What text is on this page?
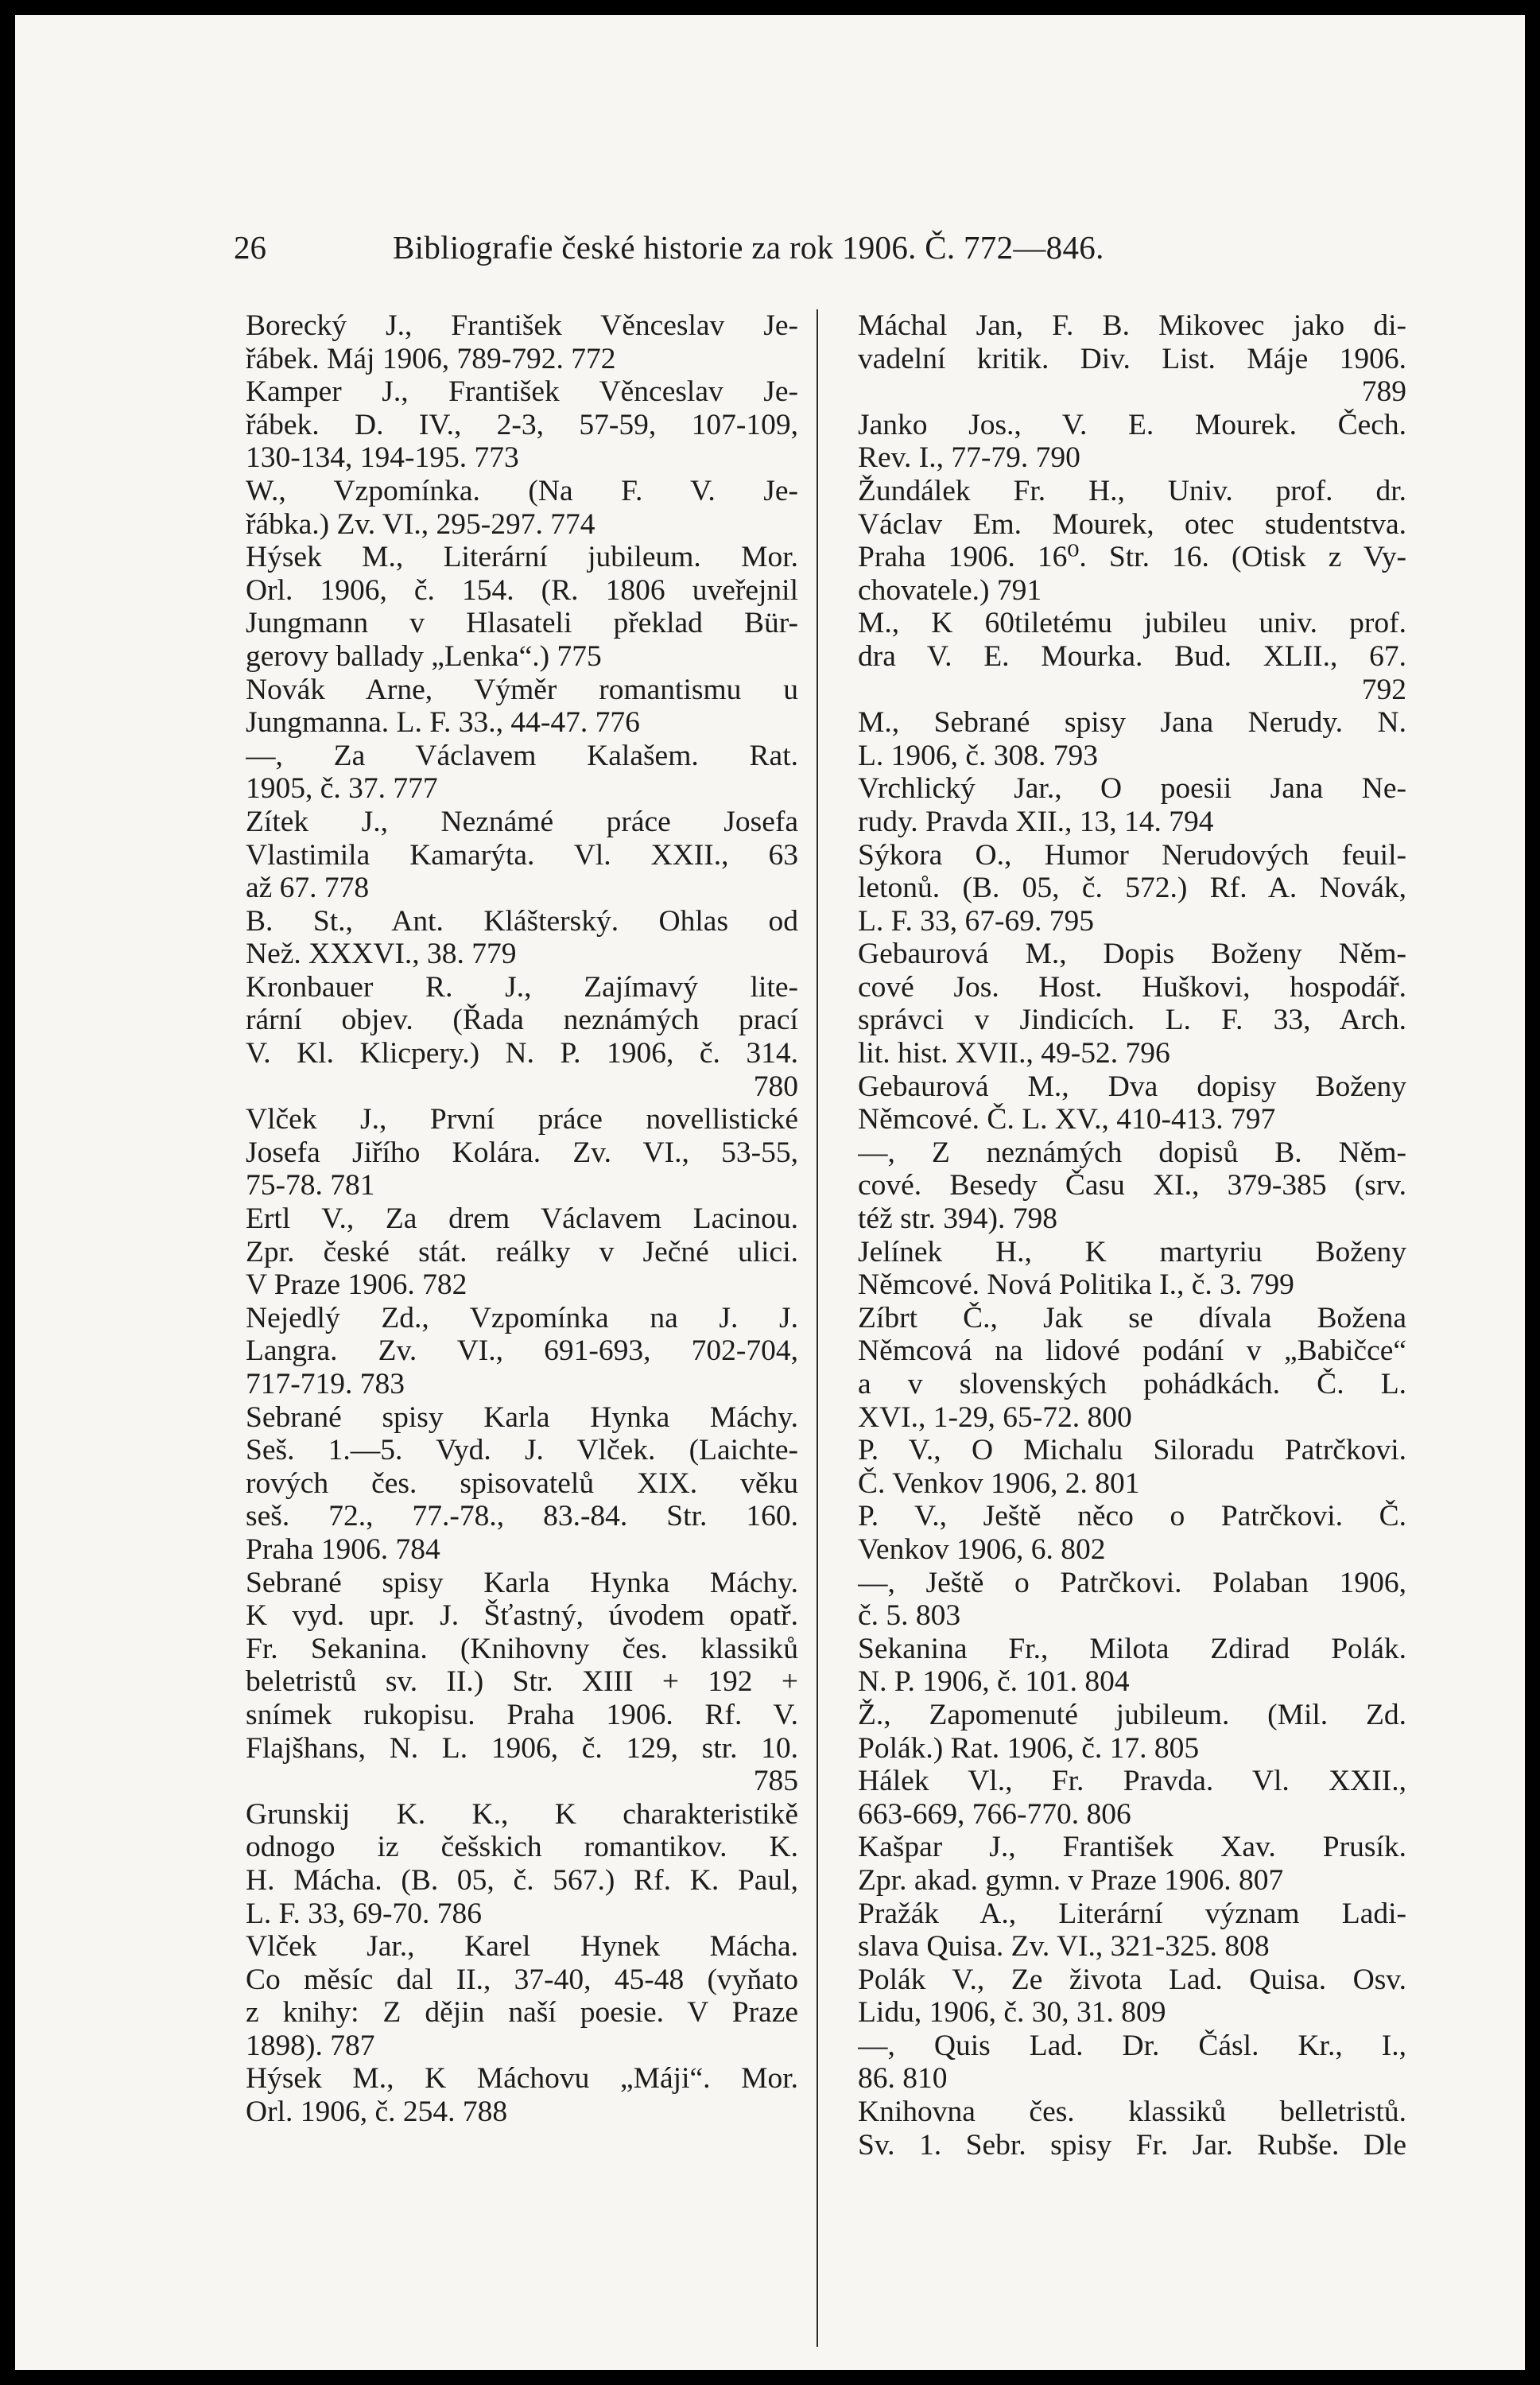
26	Bibliografie české historie za rok 1906. Č. 772—846.
Borecký J., František Věnceslav Je-
řábek. Máj 1906, 789-792. 772
Kamper J., František Věnceslav Je-
řábek. D. IV., 2-3, 57-59, 107-109,
130-134, 194-195. 773
W., Vzpomínka. (Na F. V. Je-
řábka.) Zv. VI., 295-297. 774
Hýsek M., Literární jubileum. Mor.
Orl. 1906, č. 154. (R. 1806 uveřejnil
Jungmann v Hlasateli překlad Bür-
gerovy ballady „Lenka“.) 775
Novák Arne, Výměr romantismu u
Jungmanna. L. F. 33., 44-47. 776
—, Za Václavem Kalašem. Rat.
1905, č. 37. 777
Zítek J., Neznámé práce Josefa
Vlastimila Kamarýta. Vl. XXII., 63
až 67. 778
B. St., Ant. Klášterský. Ohlas od
Než. XXXVI., 38. 779
Kronbauer R. J., Zajímavý lite-
rární objev. (Řada neznámých prací
V. Kl. Klicpery.) N. P. 1906, č. 314.
780
Vlček J., První práce novellistické
Josefa Jiřího Kolára. Zv. VI., 53-55,
75-78. 781
Ertl V., Za drem Václavem Lacinou.
Zpr. české stát. reálky v Ječné ulici.
V Praze 1906. 782
Nejedlý Zd., Vzpomínka na J. J.
Langra. Zv. VI., 691-693, 702-704,
717-719. 783
Sebrané spisy Karla Hynka Máchy.
Seš. 1.—5. Vyd. J. Vlček. (Laichte-
rových čes. spisovatelů XIX. věku
seš. 72., 77.-78., 83.-84. Str. 160.
Praha 1906. 784
Sebrané spisy Karla Hynka Máchy.
K vyd. upr. J. Šťastný, úvodem opatř.
Fr. Sekanina. (Knihovny čes. klassiků
beletristů sv. II.) Str. XIII + 192 +
snímek rukopisu. Praha 1906. Rf. V.
Flajšhans, N. L. 1906, č. 129, str. 10.
785
Grunskij K. K., K charakteristikě
odnogo iz češskich romantikov. K.
H. Mácha. (B. 05, č. 567.) Rf. K. Paul,
L. F. 33, 69-70. 786
Vlček Jar., Karel Hynek Mácha.
Co měsíc dal II., 37-40, 45-48 (vyňato
z knihy: Z dějin naší poesie. V Praze
1898). 787
Hýsek M., K Máchovu „Máji“. Mor.
Orl. 1906, č. 254. 788
Máchal Jan, F. B. Mikovec jako di-
vadelní kritik. Div. List. Máje 1906.
789
Janko Jos., V. E. Mourek. Čech.
Rev. I., 77-79. 790
Žundálek Fr. H., Univ. prof. dr.
Václav Em. Mourek, otec studentstva.
Praha 1906. 16⁰. Str. 16. (Otisk z Vy-
chovatele.) 791
M., K 60tiletému jubileu univ. prof.
dra V. E. Mourka. Bud. XLII., 67.
792
M., Sebrané spisy Jana Nerudy. N.
L. 1906, č. 308. 793
Vrchlický Jar., O poesii Jana Ne-
rudy. Pravda XII., 13, 14. 794
Sýkora O., Humor Nerudových feuil-
letonů. (B. 05, č. 572.) Rf. A. Novák,
L. F. 33, 67-69. 795
Gebaurová M., Dopis Boženy Něm-
cové Jos. Host. Huškovi, hospodář.
správci v Jindicích. L. F. 33, Arch.
lit. hist. XVII., 49-52. 796
Gebaurová M., Dva dopisy Boženy
Němcové. Č. L. XV., 410-413. 797
—, Z neznámých dopisů B. Něm-
cové. Besedy Času XI., 379-385 (srv.
též str. 394). 798
Jelínek H., K martyriu Boženy
Němcové. Nová Politika I., č. 3. 799
Zíbrt Č., Jak se dívala Božena
Němcová na lidové podání v „Babičce“
a v slovenských pohádkách. Č. L.
XVI., 1-29, 65-72. 800
P. V., O Michalu Siloradu Patrčkovi.
Č. Venkov 1906, 2. 801
P. V., Ještě něco o Patrčkovi. Č.
Venkov 1906, 6. 802
—, Ještě o Patrčkovi. Polaban 1906,
č. 5. 803
Sekanina Fr., Milota Zdirad Polák.
N. P. 1906, č. 101. 804
Ž., Zapomenuté jubileum. (Mil. Zd.
Polák.) Rat. 1906, č. 17. 805
Hálek Vl., Fr. Pravda. Vl. XXII.,
663-669, 766-770. 806
Kašpar J., František Xav. Prusík.
Zpr. akad. gymn. v Praze 1906. 807
Pražák A., Literární význam Ladi-
slava Quisa. Zv. VI., 321-325. 808
Polák V., Ze života Lad. Quisa. Osv.
Lidu, 1906, č. 30, 31. 809
—, Quis Lad. Dr. Čásl. Kr., I.,
86. 810
Knihovna čes. klassiků belletristů.
Sv. 1. Sebr. spisy Fr. Jar. Rubše. Dle
